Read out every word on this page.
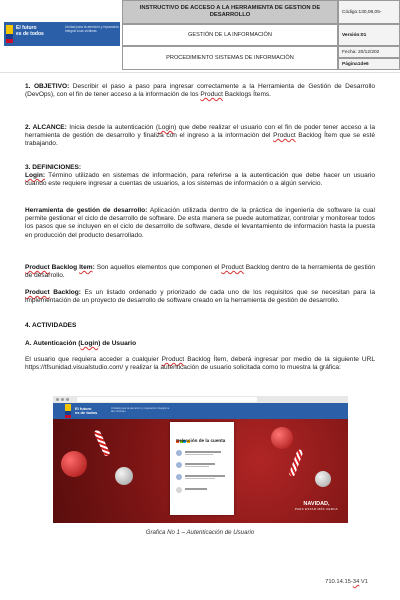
El futuro
es de todos
Unidad para la atención y reparación integral a las víctimas
INSTRUCTIVO DE ACCESO A LA HERRAMIENTA DE GESTION DE DESARROLLO
GESTIÓN DE LA INFORMACIÓN
PROCEDIMIENTO SISTEMAS DE INFORMACIÓN
Código:130,08,05-
Versión:01
Fecha: 20/12/202
Página 1 de 6
1. OBJETIVO: Describir el paso a paso para ingresar correctamente a la Herramienta de Gestión de Desarrollo (DevOps), con el fin de tener acceso a la información de los Product Backlogs Ítems.
2. ALCANCE: Inicia desde la autenticación (Login) que debe realizar el usuario con el fin de poder tener acceso a la herramienta de gestión de desarrollo y finaliza con el ingreso a la información del Product Backlog Ítem que se esté trabajando.
3. DEFINICIONES:
Login: Término utilizado en sistemas de información, para referirse a la autenticación que debe hacer un usuario cuando este requiere ingresar a cuentas de usuarios, a los sistemas de información o a algún servicio.
Herramienta de gestión de desarrollo: Aplicación utilizada dentro de la práctica de ingeniería de software la cual permite gestionar el ciclo de desarrollo de software. De esta manera se puede automatizar, controlar y monitorear todos los pasos que se incluyen en el ciclo de desarrollo de software, desde el levantamiento de información hasta la puesta en producción del producto desarrollado.
Product Backlog Item: Son aquellos elementos que componen el Product Backlog dentro de la herramienta de gestión de desarrollo.
Product Backlog: Es un listado ordenado y priorizado de cada uno de los requisitos que se necesitan para la implementación de un proyecto de desarrollo de software creado en la herramienta de gestión de desarrollo.
4. ACTIVIDADES
A. Autenticación (Login) de Usuario
El usuario que requiera acceder a cualquier Product Backlog Ítem, deberá ingresar por medio de la siguiente URL https://tfsunidad.visualstudio.com/ y realizar la autenticación de usuario solicitada como lo muestra la gráfica:
El futuro
es de todos
Unidad para la atención y reparación integral a las víctimas
Selección de la cuenta
NAVIDAD,
PARA ESTAR MÁS CERCA
Grafica No 1 – Autenticación de Usuario
710.14.15-34 V1
